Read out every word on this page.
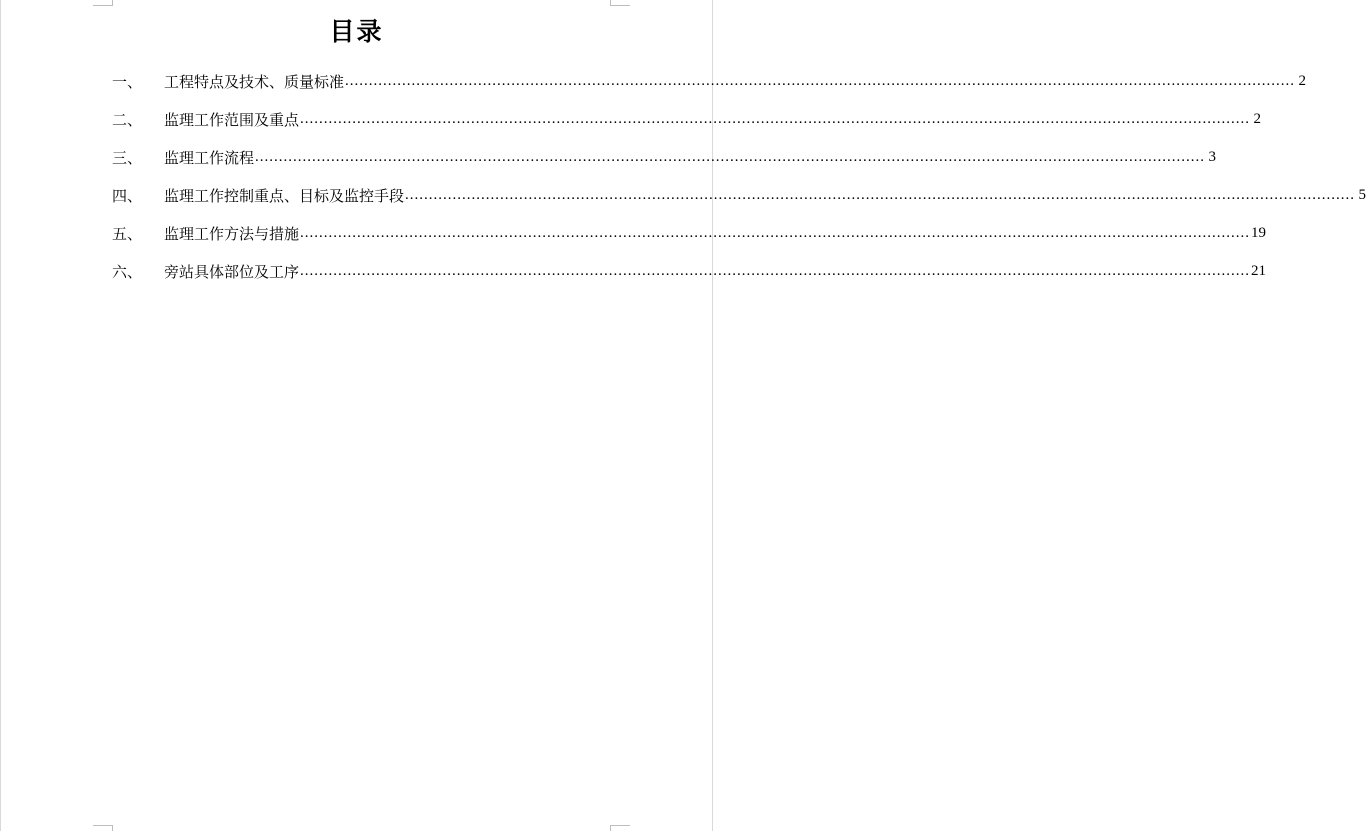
目录
一、	工程特点及技术、质量标准 ........................................................................................................................................................................................................ 2
二、	监理工作范围及重点 ........................................................................................................................................................................................................ 2
三、	监理工作流程 ........................................................................................................................................................................................................ 3
四、	监理工作控制重点、目标及监控手段 ........................................................................................................................................................................................................ 5
五、	监理工作方法与措施 ........................................................................................................................................................................................................ 19
六、	旁站具体部位及工序 ........................................................................................................................................................................................................ 21
